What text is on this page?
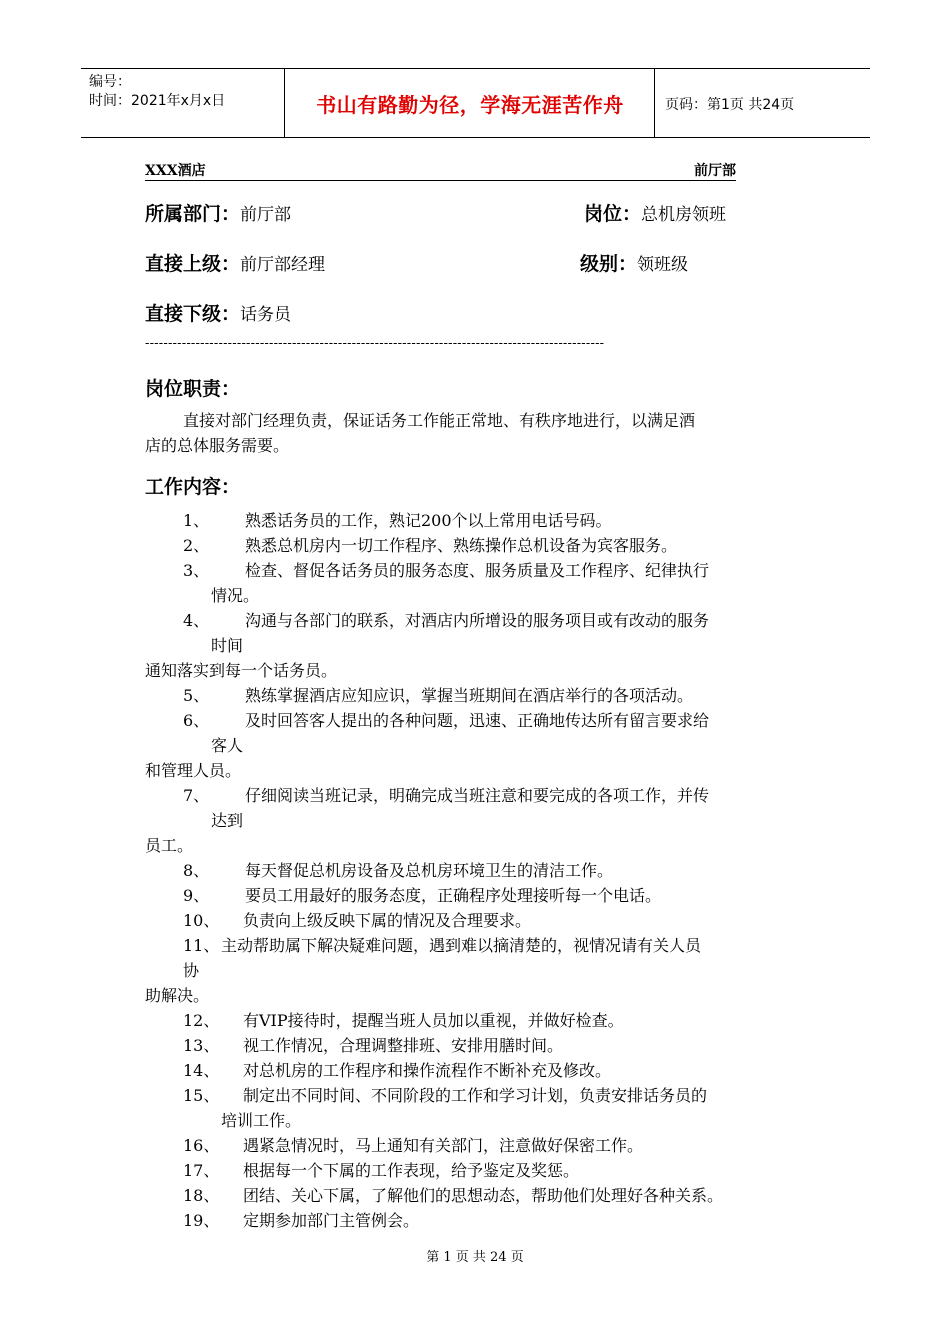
编号：
时间：2021年x月x日	书山有路勤为径，学海无涯苦作舟	页码：第1页 共24页
XXX酒店	前厅部
所属部门：前厅部	岗位：总机房领班
直接上级：前厅部经理	级别：领班级
直接下级：话务员
----------------------------------------------------------------------------------------------------
岗位职责：
直接对部门经理负责，保证话务工作能正常地、有秩序地进行，以满足酒
店的总体服务需要。
工作内容：
1、 熟悉话务员的工作，熟记200个以上常用电话号码。
2、 熟悉总机房内一切工作程序、熟练操作总机设备为宾客服务。
3、 检查、督促各话务员的服务态度、服务质量及工作程序、纪律执行
情况。
4、 沟通与各部门的联系，对酒店内所增设的服务项目或有改动的服务
时间
通知落实到每一个话务员。
5、 熟练掌握酒店应知应识，掌握当班期间在酒店举行的各项活动。
6、 及时回答客人提出的各种问题，迅速、正确地传达所有留言要求给
客人
和管理人员。
7、 仔细阅读当班记录，明确完成当班注意和要完成的各项工作，并传
达到
员工。
8、 每天督促总机房设备及总机房环境卫生的清洁工作。
9、 要员工用最好的服务态度，正确程序处理接听每一个电话。
10、 负责向上级反映下属的情况及合理要求。
11、 主动帮助属下解决疑难问题，遇到难以摘清楚的，视情况请有关人员
协
助解决。
12、 有VIP接待时，提醒当班人员加以重视，并做好检查。
13、 视工作情况，合理调整排班、安排用膳时间。
14、 对总机房的工作程序和操作流程作不断补充及修改。
15、 制定出不同时间、不同阶段的工作和学习计划，负责安排话务员的
培训工作。
16、 遇紧急情况时，马上通知有关部门，注意做好保密工作。
17、 根据每一个下属的工作表现，给予鉴定及奖惩。
18、 团结、关心下属，了解他们的思想动态，帮助他们处理好各种关系。
19、 定期参加部门主管例会。
第 1 页 共 24 页
